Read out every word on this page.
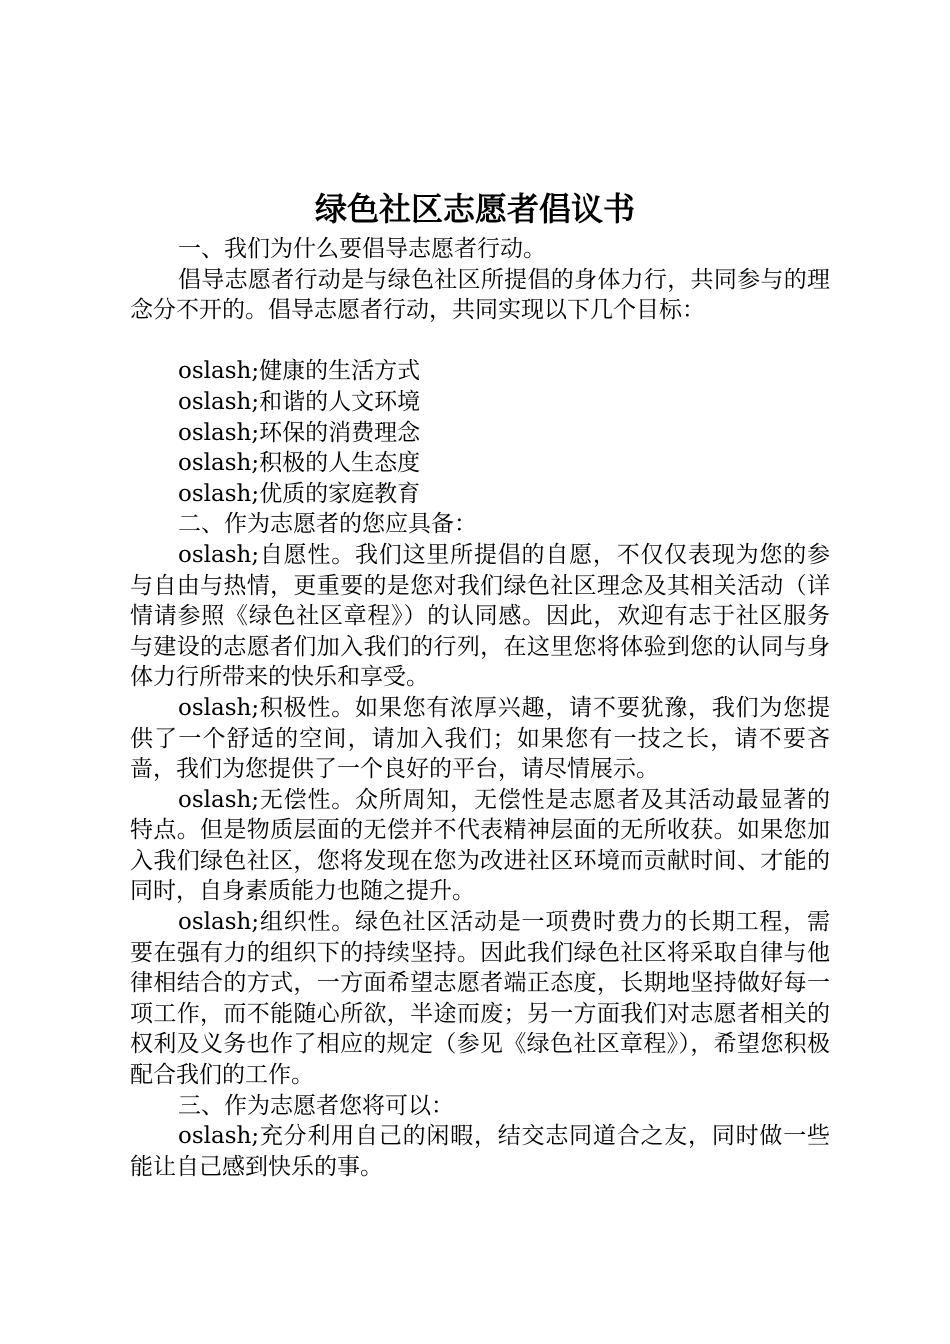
绿色社区志愿者倡议书

一、我们为什么要倡导志愿者行动。

倡导志愿者行动是与绿色社区所提倡的身体力行，共同参与的理念分不开的。倡导志愿者行动，共同实现以下几个目标：

oslash;健康的生活方式

oslash;和谐的人文环境

oslash;环保的消费理念

oslash;积极的人生态度

oslash;优质的家庭教育

二、作为志愿者的您应具备：

oslash;自愿性。我们这里所提倡的自愿，不仅仅表现为您的参与自由与热情，更重要的是您对我们绿色社区理念及其相关活动（详情请参照《绿色社区章程》）的认同感。因此，欢迎有志于社区服务与建设的志愿者们加入我们的行列，在这里您将体验到您的认同与身体力行所带来的快乐和享受。

oslash;积极性。如果您有浓厚兴趣，请不要犹豫，我们为您提供了一个舒适的空间，请加入我们；如果您有一技之长，请不要吝啬，我们为您提供了一个良好的平台，请尽情展示。

oslash;无偿性。众所周知，无偿性是志愿者及其活动最显著的特点。但是物质层面的无偿并不代表精神层面的无所收获。如果您加入我们绿色社区，您将发现在您为改进社区环境而贡献时间、才能的同时，自身素质能力也随之提升。

oslash;组织性。绿色社区活动是一项费时费力的长期工程，需要在强有力的组织下的持续坚持。因此我们绿色社区将采取自律与他律相结合的方式，一方面希望志愿者端正态度，长期地坚持做好每一项工作，而不能随心所欲，半途而废；另一方面我们对志愿者相关的权利及义务也作了相应的规定（参见《绿色社区章程》），希望您积极配合我们的工作。

三、作为志愿者您将可以：

oslash;充分利用自己的闲暇，结交志同道合之友，同时做一些能让自己感到快乐的事。
